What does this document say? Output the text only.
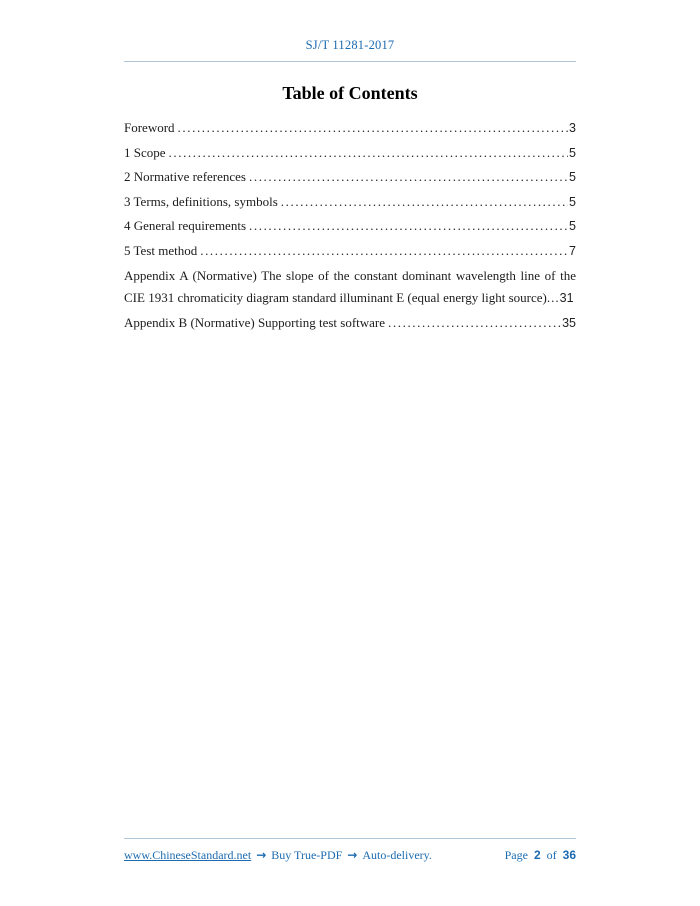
SJ/T 11281-2017
Table of Contents
Foreword .....	3
1 Scope .....	5
2 Normative references .....	5
3 Terms, definitions, symbols .....	5
4 General requirements .....	5
5 Test method .....	7
Appendix A (Normative) The slope of the constant dominant wavelength line of the CIE 1931 chromaticity diagram standard illuminant E (equal energy light source)...31
Appendix B (Normative) Supporting test software .....	35
www.ChineseStandard.net → Buy True-PDF → Auto-delivery.	Page 2 of 36
